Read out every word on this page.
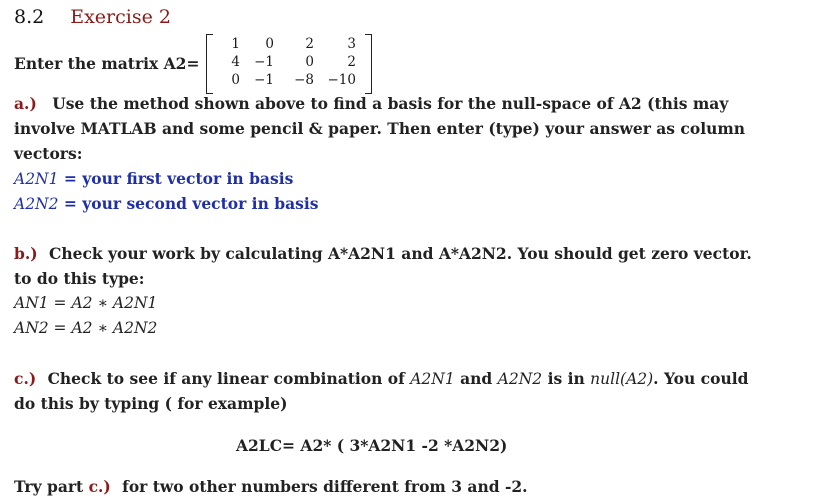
8.2 Exercise 2
Enter the matrix A2=
1	0	2	3
4	−1	0	2
0	−1	−8	−10
a.) Use the method shown above to find a basis for the null-space of A2 (this may
involve MATLAB and some pencil & paper. Then enter (type) your answer as column
vectors:
A2N1 = your first vector in basis
A2N2 = your second vector in basis
b.) Check your work by calculating A*A2N1 and A*A2N2. You should get zero vector.
to do this type:
AN1 = A2 ∗ A2N1
AN2 = A2 ∗ A2N2
c.) Check to see if any linear combination of A2N1 and A2N2 is in null(A2). You could
do this by typing ( for example)
A2LC= A2* ( 3*A2N1 -2 *A2N2)
Try part c.) for two other numbers different from 3 and -2.
